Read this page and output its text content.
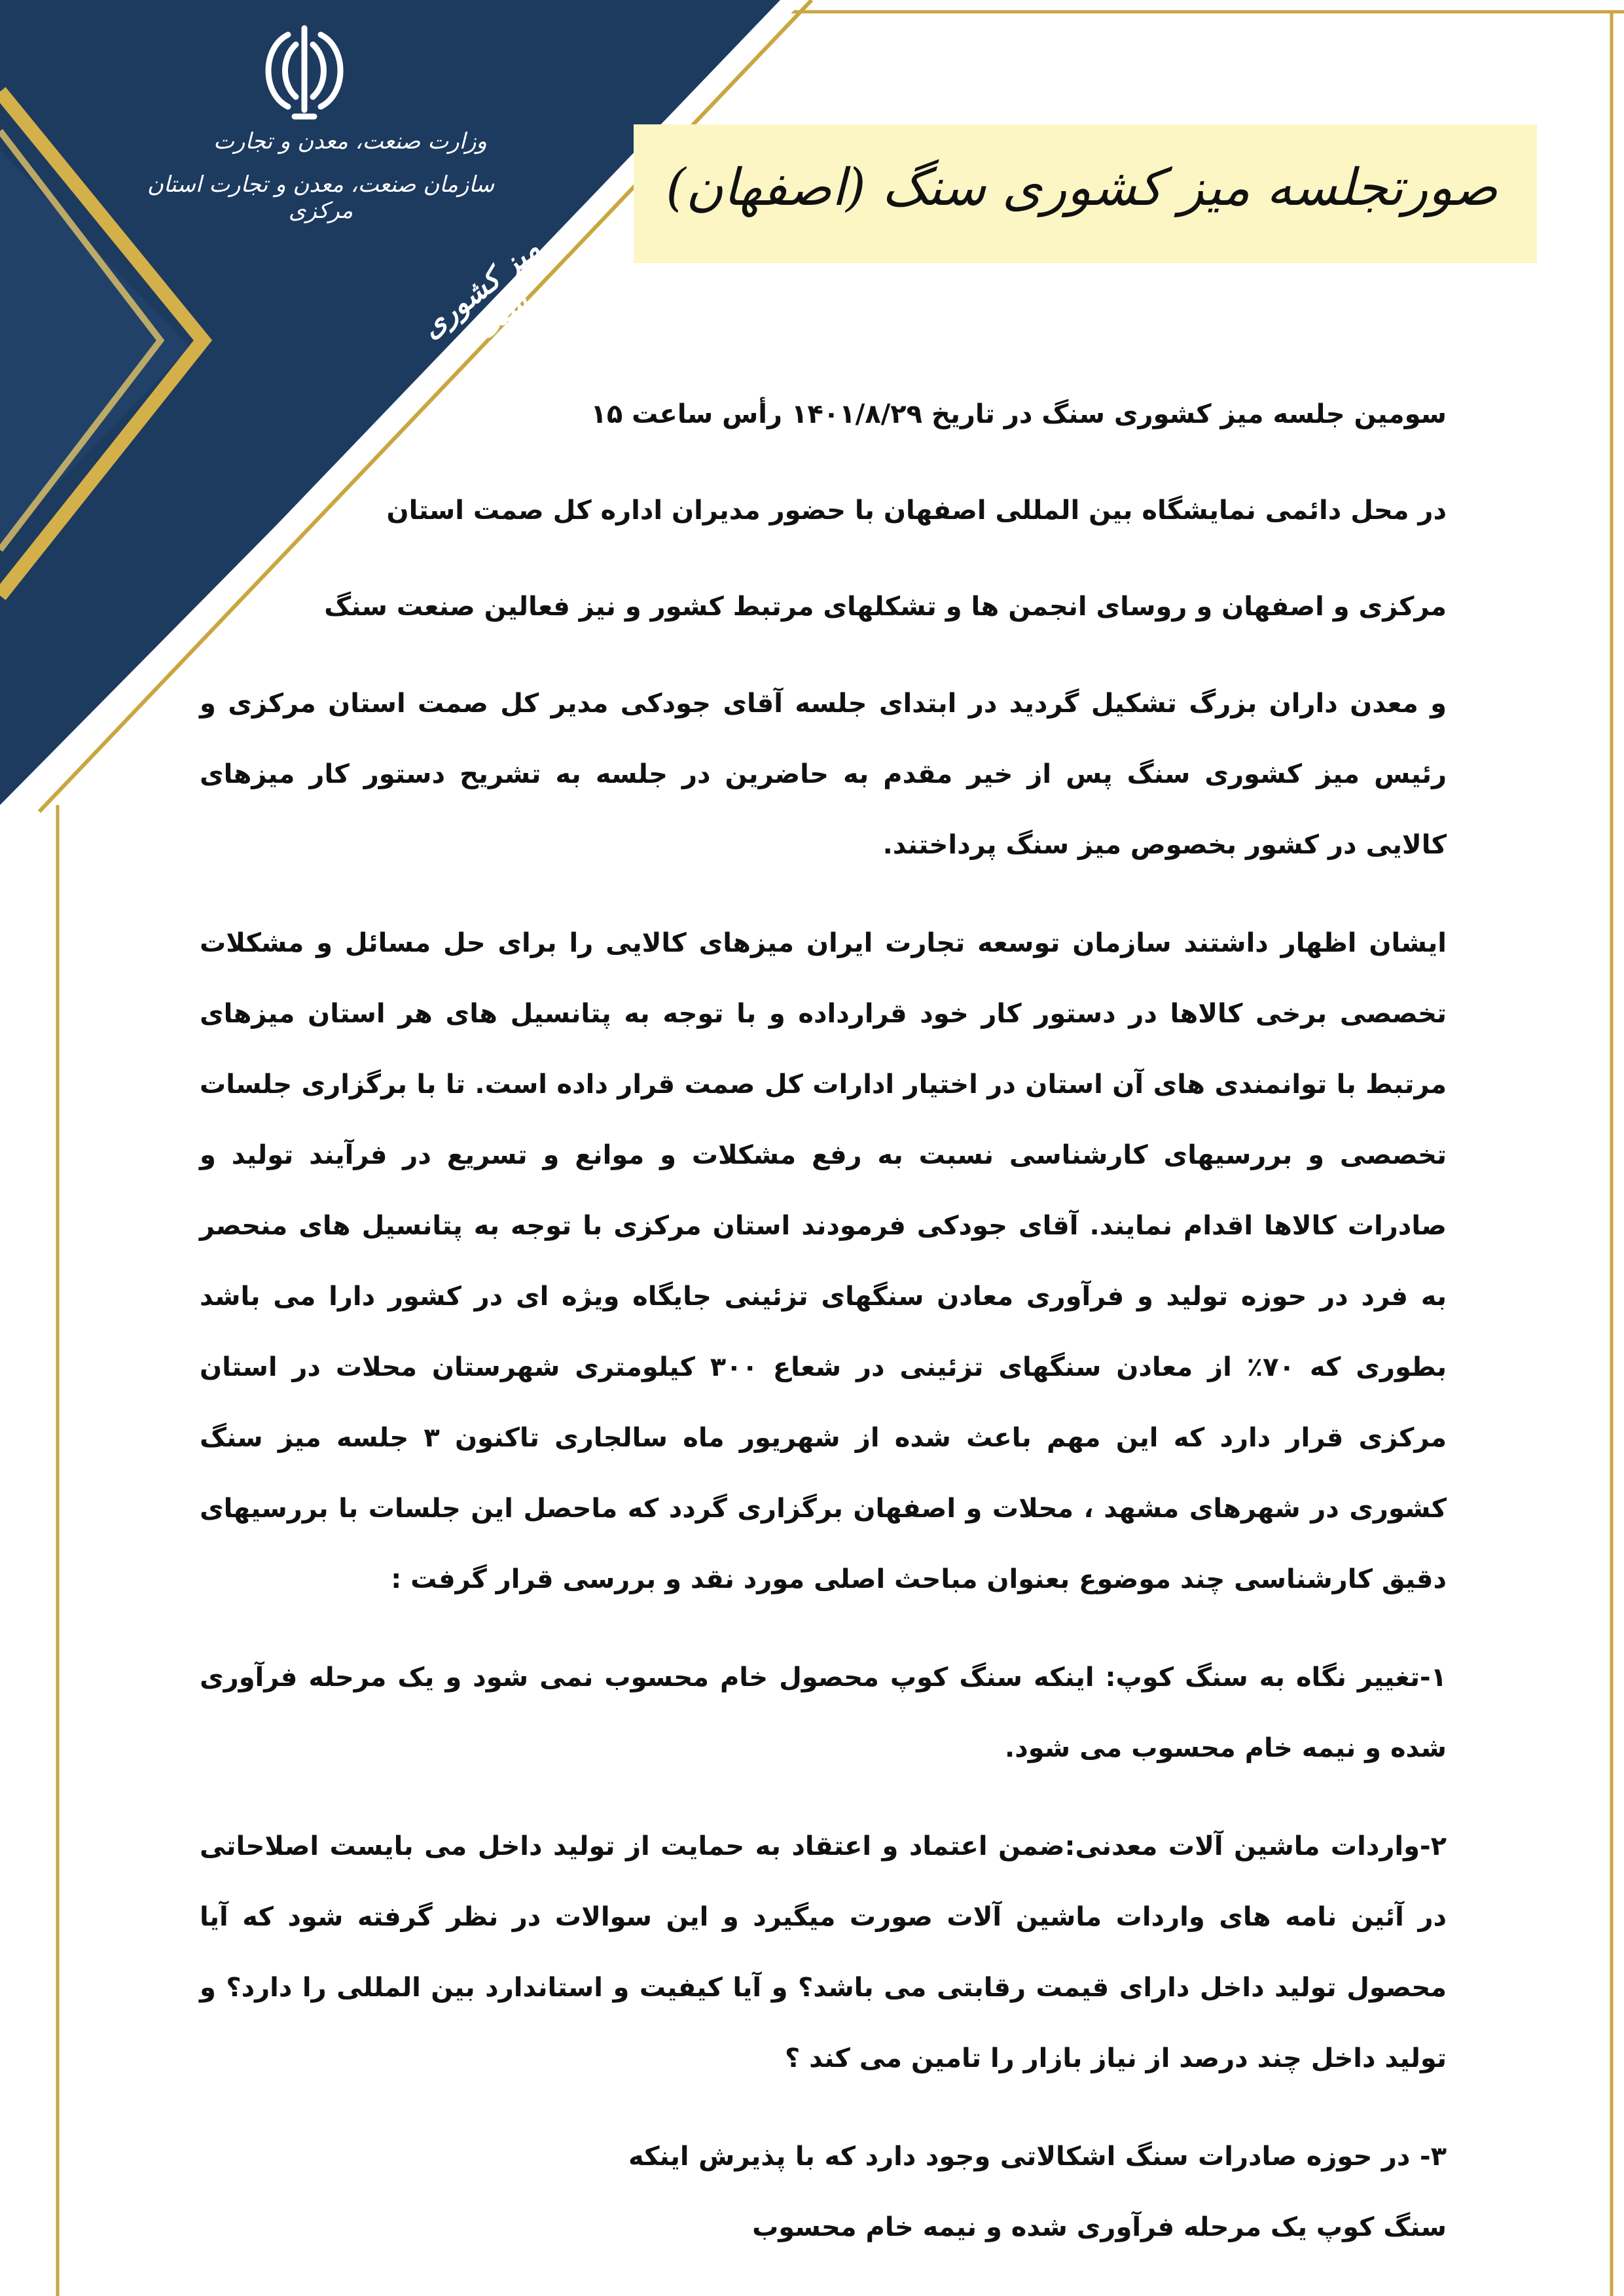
وزارت صنعت، معدن و تجارت
سازمان صنعت، معدن و تجارت استان مرکزی
میز کشوری سنگ
صورتجلسه میز کشوری سنگ (اصفهان)

سومین جلسه میز کشوری سنگ در تاریخ ۱۴۰۱/۸/۲۹ رأس ساعت ۱۵

در محل دائمی نمایشگاه بین المللی اصفهان با حضور مدیران اداره کل صمت استان

مرکزی و اصفهان و روسای انجمن ها و تشکلهای مرتبط کشور و نیز فعالین صنعت سنگ

و معدن داران بزرگ تشکیل گردید در ابتدای جلسه آقای جودکی مدیر کل صمت استان مرکزی و رئیس میز کشوری سنگ پس از خیر مقدم به حاضرین در جلسه به تشریح دستور کار میزهای کالایی در کشور بخصوص میز سنگ پرداختند.

ایشان اظهار داشتند سازمان توسعه تجارت ایران میزهای کالایی را برای حل مسائل و مشکلات تخصصی برخی کالاها در دستور کار خود قرارداده و با توجه به پتانسیل های هر استان میزهای مرتبط با توانمندی های آن استان در اختیار ادارات کل صمت قرار داده است. تا با برگزاری جلسات تخصصی و بررسیهای کارشناسی نسبت به رفع مشکلات و موانع و تسریع در فرآیند تولید و صادرات کالاها اقدام نمایند. آقای جودکی فرمودند استان مرکزی با توجه به پتانسیل های منحصر به فرد در حوزه تولید و فرآوری معادن سنگهای تزئینی جایگاه ویژه ای در کشور دارا می باشد بطوری که ۷۰٪ از معادن سنگهای تزئینی در شعاع ۳۰۰ کیلومتری شهرستان محلات در استان مرکزی قرار دارد که این مهم باعث شده از شهریور ماه سالجاری تاکنون ۳ جلسه میز سنگ کشوری در شهرهای مشهد ، محلات و اصفهان برگزاری گردد که ماحصل این جلسات با بررسیهای دقیق کارشناسی چند موضوع بعنوان مباحث اصلی مورد نقد و بررسی قرار گرفت :

۱-تغییر نگاه به سنگ کوپ: اینکه سنگ کوپ محصول خام محسوب نمی شود و یک مرحله فرآوری شده و نیمه خام محسوب می شود.

۲-واردات ماشین آلات معدنی:ضمن اعتماد و اعتقاد به حمایت از تولید داخل می بایست اصلاحاتی در آئین نامه های واردات ماشین آلات صورت میگیرد و این سوالات در نظر گرفته شود که آیا محصول تولید داخل دارای قیمت رقابتی می باشد؟ و آیا کیفیت و استاندارد بین المللی را دارد؟ و تولید داخل چند درصد از نیاز بازار را تامین می کند ؟

۳- در حوزه صادرات سنگ اشکالاتی وجود دارد که با پذیرش اینکه سنگ کوپ یک مرحله فرآوری شده و نیمه خام محسوب
